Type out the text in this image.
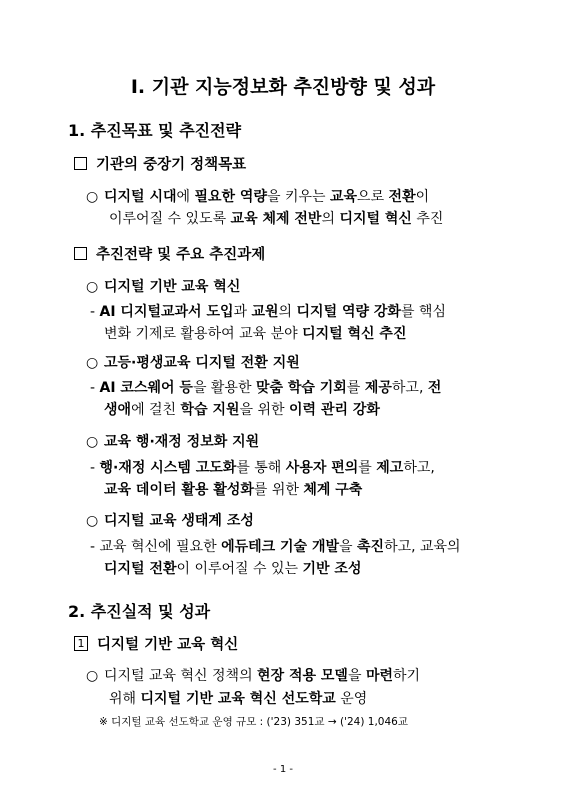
Ⅰ. 기관 지능정보화 추진방향 및 성과
1. 추진목표 및 추진전략
기관의 중장기 정책목표
○ 디지털 시대에 필요한 역량을 키우는 교육으로 전환이
이루어질 수 있도록 교육 체제 전반의 디지털 혁신 추진
추진전략 및 주요 추진과제
○ 디지털 기반 교육 혁신
- AI 디지털교과서 도입과 교원의 디지털 역량 강화를 핵심
변화 기제로 활용하여 교육 분야 디지털 혁신 추진
○ 고등·평생교육 디지털 전환 지원
- AI 코스웨어 등을 활용한 맞춤 학습 기회를 제공하고, 전
생애에 걸친 학습 지원을 위한 이력 관리 강화
○ 교육 행·재정 정보화 지원
- 행·재정 시스템 고도화를 통해 사용자 편의를 제고하고,
교육 데이터 활용 활성화를 위한 체계 구축
○ 디지털 교육 생태계 조성
- 교육 혁신에 필요한 에듀테크 기술 개발을 촉진하고, 교육의
디지털 전환이 이루어질 수 있는 기반 조성
2. 추진실적 및 성과
1 디지털 기반 교육 혁신
○ 디지털 교육 혁신 정책의 현장 적용 모델을 마련하기
위해 디지털 기반 교육 혁신 선도학교 운영
※ 디지털 교육 선도학교 운영 규모 : ('23) 351교 → ('24) 1,046교
- 1 -
